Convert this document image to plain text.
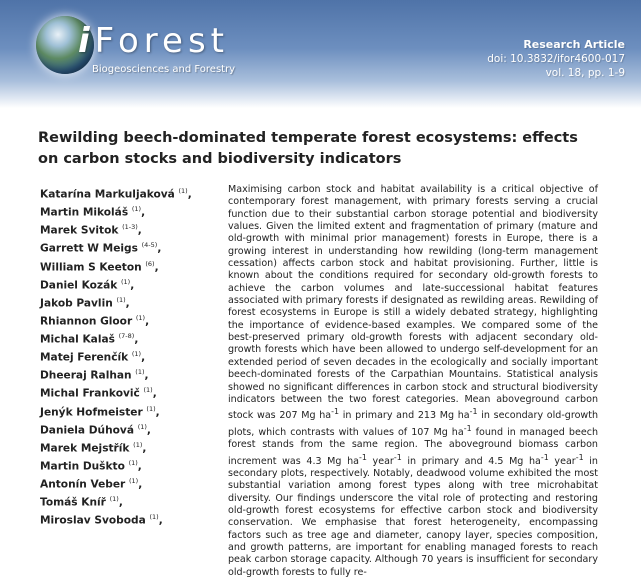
iForest
Biogeosciences and Forestry
Research Article
doi: 10.3832/ifor4600-017
vol. 18, pp. 1-9
Rewilding beech-dominated temperate forest ecosystems: effects on carbon stocks and biodiversity indicators
Katarína Markuljaková $^{(1)}$,
Martin Mikoláš $^{(1)}$,
Marek Svitok $^{(1-3)}$,
Garrett W Meigs $^{(4-5)}$,
William S Keeton $^{(6)}$,
Daniel Kozák $^{(1)}$,
Jakob Pavlin $^{(1)}$,
Rhiannon Gloor $^{(1)}$,
Michal Kalaš $^{(7-8)}$,
Matej Ferenčík $^{(1)}$,
Dheeraj Ralhan $^{(1)}$,
Michal Frankovič $^{(1)}$,
Jenýk Hofmeister $^{(1)}$,
Daniela Dúhová $^{(1)}$,
Marek Mejstřík $^{(1)}$,
Martin Duškto $^{(1)}$,
Antonín Veber $^{(1)}$,
Tomáš Kníř $^{(1)}$,
Miroslav Svoboda $^{(1)}$,

Maximising carbon stock and habitat availability is a critical objective of contemporary forest management, with primary forests serving a crucial function due to their substantial carbon storage potential and biodiversity values. Given the limited extent and fragmentation of primary (mature and old-growth with minimal prior management) forests in Europe, there is a growing interest in understanding how rewilding (long-term management cessation) affects carbon stock and habitat provisioning. Further, little is known about the conditions required for secondary old-growth forests to achieve the carbon volumes and late-successional habitat features associated with primary forests if designated as rewilding areas. Rewilding of forest ecosystems in Europe is still a widely debated strategy, highlighting the importance of evidence-based examples. We compared some of the best-preserved primary old-growth forests with adjacent secondary old-growth forests which have been allowed to undergo self-development for an extended period of seven decades in the ecologically and socially important beech-dominated forests of the Carpathian Mountains. Statistical analysis showed no significant differences in carbon stock and structural biodiversity indicators between the two forest categories. Mean aboveground carbon stock was 207 Mg $ha^{-1}$ in primary and 213 Mg $ha^{-1}$ in secondary old-growth plots, which contrasts with values of 107 Mg $ha^{-1}$ found in managed beech forest stands from the same region. The aboveground biomass carbon increment was 4.3 Mg $ha^{-1}$ year$^{-1}$ in primary and 4.5 Mg $ha^{-1}$ year$^{-1}$ in secondary plots, respectively. Notably, deadwood volume exhibited the most substantial variation among forest types along with tree microhabitat diversity. Our findings underscore the vital role of protecting and restoring old-growth forest ecosystems for effective carbon stock and biodiversity conservation. We emphasise that forest heterogeneity, encompassing factors such as tree age and diameter, canopy layer, species composition, and growth patterns, are important for enabling managed forests to reach peak carbon storage capacity. Although 70 years is insufficient for secondary old-growth forests to fully re-
